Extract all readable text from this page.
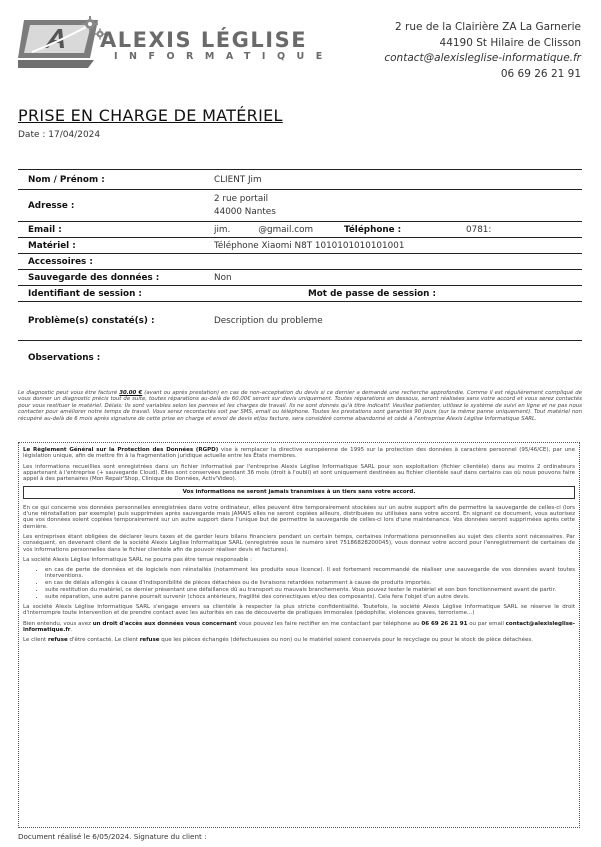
ALEXIS LÉGLISE
INFORMATIQUE
2 rue de la Clairière ZA La Garnerie
44190 St Hilaire de Clisson
contact@alexisleglise-informatique.fr
06 69 26 21 91
PRISE EN CHARGE DE MATÉRIEL
Date : 17/04/2024
Nom / Prénom :	CLIENT Jim
Adresse :
2 rue portail
44000 Nantes
Email :	jim.          @gmail.com	Téléphone :	0781:
Matériel :	Téléphone Xiaomi N8T 1010101010101001
Accessoires :
Sauvegarde des données :	Non
Identifiant de session :	Mot de passe de session :
Problème(s) constaté(s) :	Description du probleme
Observations :
Le diagnostic peut vous être facturé 30.00 € (avant ou après prestation) en cas de non-acceptation du devis si ce dernier a demandé une recherche approfondie. Comme il est régulièrement compliqué de vous donner un diagnostic précis tout de suite, toutes réparations au-delà de 60.00€ seront sur devis uniquement. Toutes réparations en dessous, seront réalisées sans votre accord et vous serez contactés pour vous restituer le matériel. Délais: Ils sont variables selon les pannes et les charges de travail. Ils ne sont donnés qu'à titre indicatif. Veuillez patienter, utilisez le système de suivi en ligne et ne pas nous contacter pour améliorer notre temps de travail. Vous serez recontactés soit par SMS, email ou téléphone. Toutes les prestations sont garanties 90 jours (sur la même panne uniquement). Tout matériel non récupéré au-delà de 6 mois après signature de cette prise en charge et envoi de devis et/ou facture, sera considéré comme abandonné et cédé à l'entreprise Alexis Léglise Informatique SARL.

Le Règlement Général sur la Protection des Données (RGPD) vise à remplacer la directive européenne de 1995 sur la protection des données à caractère personnel (95/46/CE), par une législation unique, afin de mettre fin à la fragmentation juridique actuelle entre les États membres.

Les informations recueillies sont enregistrées dans un fichier informatisé par l'entreprise Alexis Léglise Informatique SARL pour son exploitation (fichier clientèle) dans au moins 2 ordinateurs appartenant à l'entreprise (+ sauvegarde Cloud). Elles sont conservées pendant 36 mois (droit à l'oubli) et sont uniquement destinées au fichier clientèle sauf dans certains cas où nous pouvons faire appel à des partenaires (Mon Repair'Shop, Clinique de Données, Activ'Video).

Vos informations ne seront jamais transmises à un tiers sans votre accord.

En ce qui concerne vos données personnelles enregistrées dans votre ordinateur, elles peuvent être temporairement stockées sur un autre support afin de permettre la sauvegarde de celles-ci (lors d'une réinstallation par exemple) puis supprimées après sauvegarde mais JAMAIS elles ne seront copiées ailleurs, distribuées ou utilisées sans votre accord. En signant ce document, vous autorisez que vos données soient copiées temporairement sur un autre support dans l'unique but de permettre la sauvegarde de celles-ci lors d'une maintenance. Vos données seront supprimées après cette dernière.

Les entreprises étant obligées de déclarer leurs taxes et de garder leurs bilans financiers pendant un certain temps, certaines informations personnelles au sujet des clients sont nécessaires. Par conséquent, en devenant client de la société Alexis Léglise Informatique SARL (enregistrée sous le numéro siret 75186828200045), vous donnez votre accord pour l'enregistrement de certaines de vos informations personnelles dans le fichier clientèle afin de pouvoir réaliser devis et factures).

La société Alexis Léglise Informatique SARL ne pourra pas être tenue responsable :

• en cas de perte de données et de logiciels non réinstallés (notamment les produits sous licence). Il est fortement recommandé de réaliser une sauvegarde de vos données avant toutes interventions.
• en cas de délais allongés à cause d'indisponibilité de pièces détachées ou de livraisons retardées notamment à cause de produits importés.
• suite restitution du matériel, ce dernier présentant une défaillance dû au transport ou mauvais branchements. Vous pouvez tester le matériel et son bon fonctionnement avant de partir.
• suite réparation, une autre panne pourrait survenir (chocs antérieurs, fragilité des connectiques et/ou des composants). Cela fera l'objet d'un autre devis.

La société Alexis Léglise Informatique SARL s'engage envers sa clientèle à respecter la plus stricte confidentialité. Toutefois, la société Alexis Léglise Informatique SARL se réserve le droit d'interrompre toute intervention et de prendre contact avec les autorités en cas de découverte de pratiques immorales (pédophilie, violences graves, terrorisme...)

Bien entendu, vous avez un droit d'accès aux données vous concernant vous pouvez les faire rectifier en me contactant par téléphone au 06 69 26 21 91 ou par email contact@alexisleglise-informatique.fr.

Le client refuse d'être contacté. Le client refuse que les pièces échangés (défectueuses ou non) ou le matériel soient conservés pour le recyclage ou pour le stock de pièce détachées.

Document réalisé le 6/05/2024. Signature du client :
